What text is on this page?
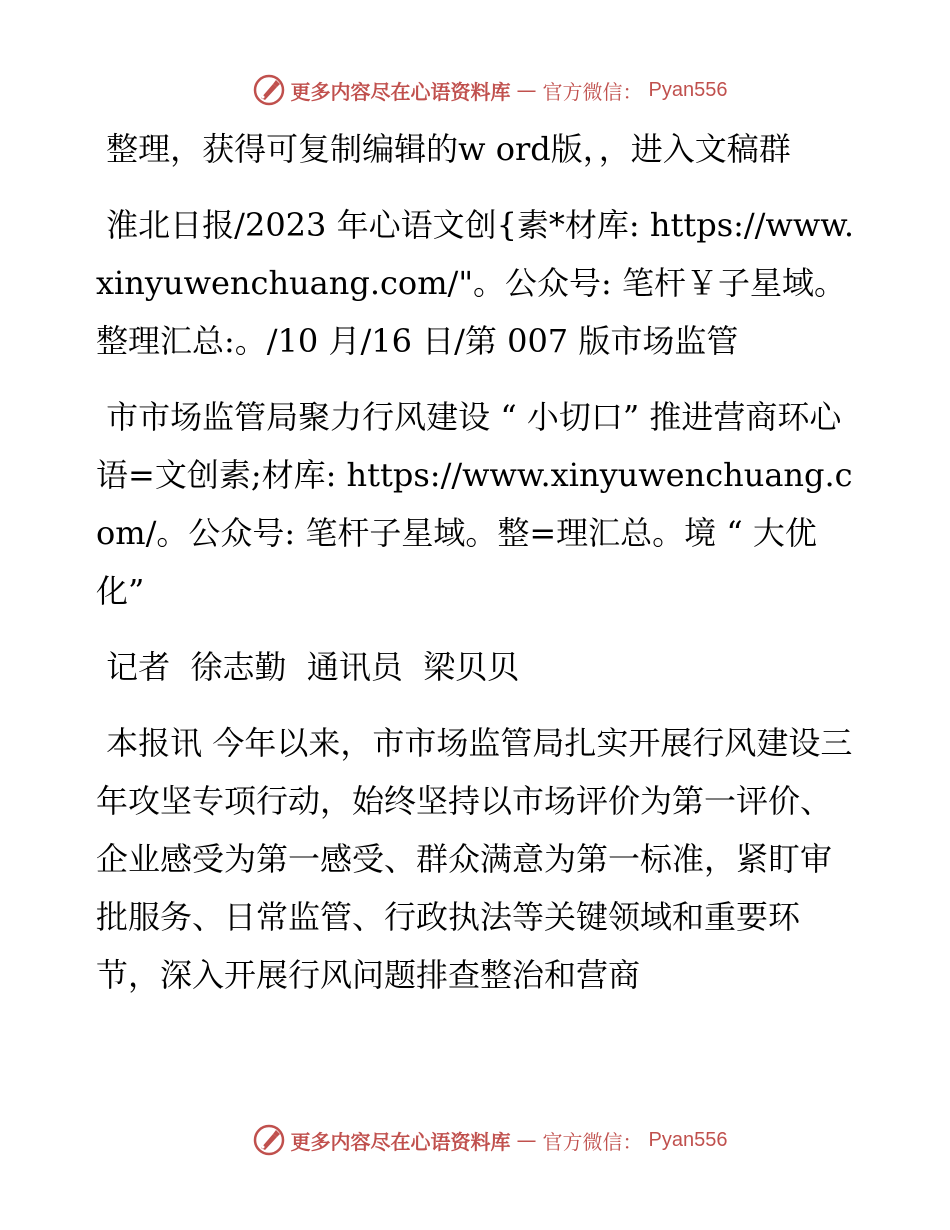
更多内容尽在心语资料库 — 官方微信： Pyan556

整理，获得可复制编辑的w ord版，，进入文稿群

淮北日报/2023 年心语文创{素*材库: https://www.xinyuwenchuang.com/"。公众号: 笔杆￥子星域。整理汇总:。/10 月/16 日/第 007 版市场监管

市市场监管局聚力行风建设 “ 小切口” 推进营商环心语=文创素;材库: https://www.xinyuwenchuang.com/。公众号: 笔杆子星域。整=理汇总。境 “ 大优化”

记者  徐志勤  通讯员  梁贝贝

本报讯 今年以来，市市场监管局扎实开展行风建设三年攻坚专项行动，始终坚持以市场评价为第一评价、企业感受为第一感受、群众满意为第一标准，紧盯审批服务、日常监管、行政执法等关键领域和重要环节，深入开展行风问题排查整治和营商

更多内容尽在心语资料库 — 官方微信： Pyan556
